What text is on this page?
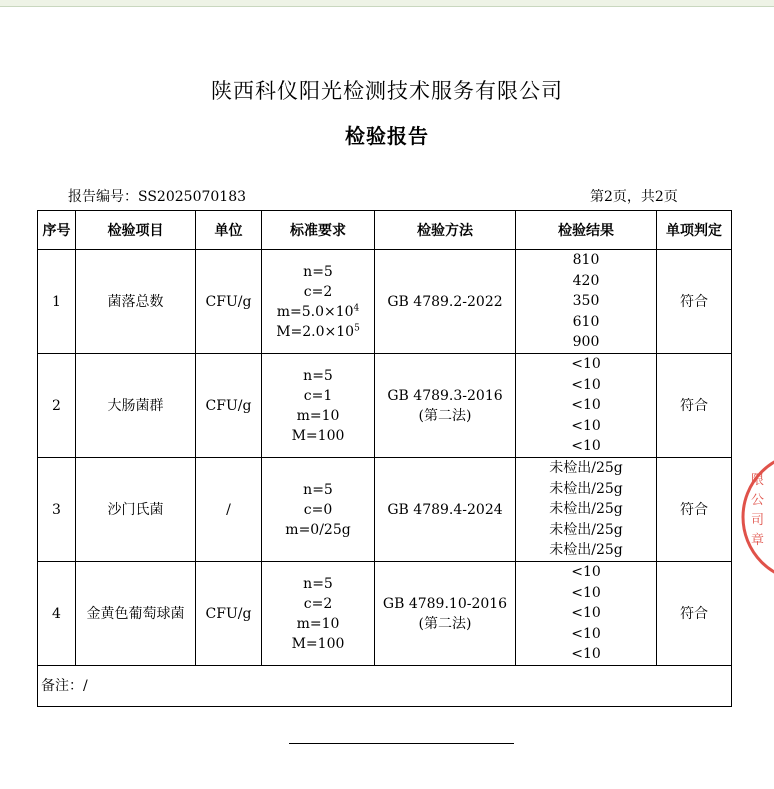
陕西科仪阳光检测技术服务有限公司
检验报告
报告编号：SS2025070183	第2页，共2页
序号	检验项目	单位	标准要求	检验方法	检验结果	单项判定
1	菌落总数	CFU/g	n=5
c=2
$m=5.0\times 10^4$
$M=2.0\times 10^5$	GB 4789.2-2022	810
420
350
610
900	符合
2	大肠菌群	CFU/g	n=5
c=1
m=10
M=100	GB 4789.3-2016
(第二法)	<10
<10
<10
<10
<10	符合
3	沙门氏菌	/	n=5
c=0
m=0/25g	GB 4789.4-2024	未检出/25g
未检出/25g
未检出/25g
未检出/25g
未检出/25g	符合
4	金黄色葡萄球菌	CFU/g	n=5
c=2
m=10
M=100	GB 4789.10-2016
(第二法)	<10
<10
<10
<10
<10	符合
备注：/						
限公司章
